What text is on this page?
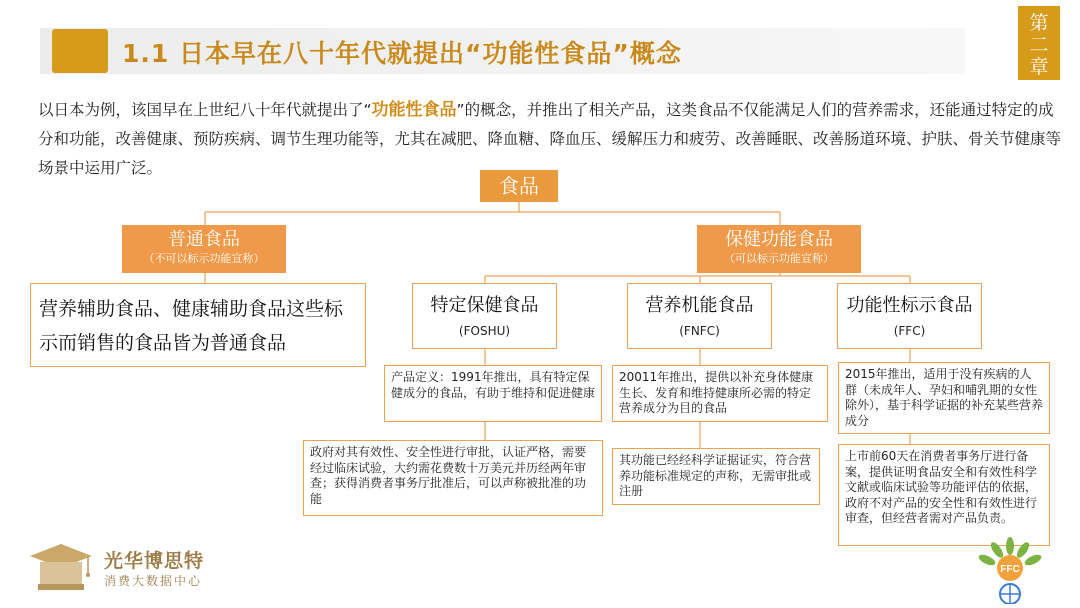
1.1 日本早在八十年代就提出“功能性食品”概念
第
二
章
以日本为例，该国早在上世纪八十年代就提出了“功能性食品”的概念，并推出了相关产品，这类食品不仅能满足人们的营养需求，还能通过特定的成分和功能，改善健康、预防疾病、调节生理功能等，尤其在减肥、降血糖、降血压、缓解压力和疲劳、改善睡眠、改善肠道环境、护肤、骨关节健康等场景中运用广泛。
食品
普通食品
（不可以标示功能宣称）
保健功能食品
（可以标示功能宣称）
营养辅助食品、健康辅助食品这些标示而销售的食品皆为普通食品
特定保健食品
(FOSHU)
营养机能食品
(FNFC)
功能性标示食品
(FFC)
产品定义：1991年推出，具有特定保健成分的食品，有助于维持和促进健康
20011年推出，提供以补充身体健康生长、发育和维持健康所必需的特定营养成分为目的食品
2015年推出，适用于没有疾病的人群（未成年人、孕妇和哺乳期的女性除外），基于科学证据的补充某些营养成分
政府对其有效性、安全性进行审批，认证严格，需要经过临床试验，大约需花费数十万美元并历经两年审查；获得消费者事务厅批准后，可以声称被批准的功能
其功能已经经科学证据证实，符合营养功能标准规定的声称，无需审批或注册
上市前60天在消费者事务厅进行备案，提供证明食品安全和有效性科学文献或临床试验等功能评估的依据，政府不对产品的安全性和有效性进行审查，但经营者需对产品负责。
光华博思特
消费大数据中心
FFC
